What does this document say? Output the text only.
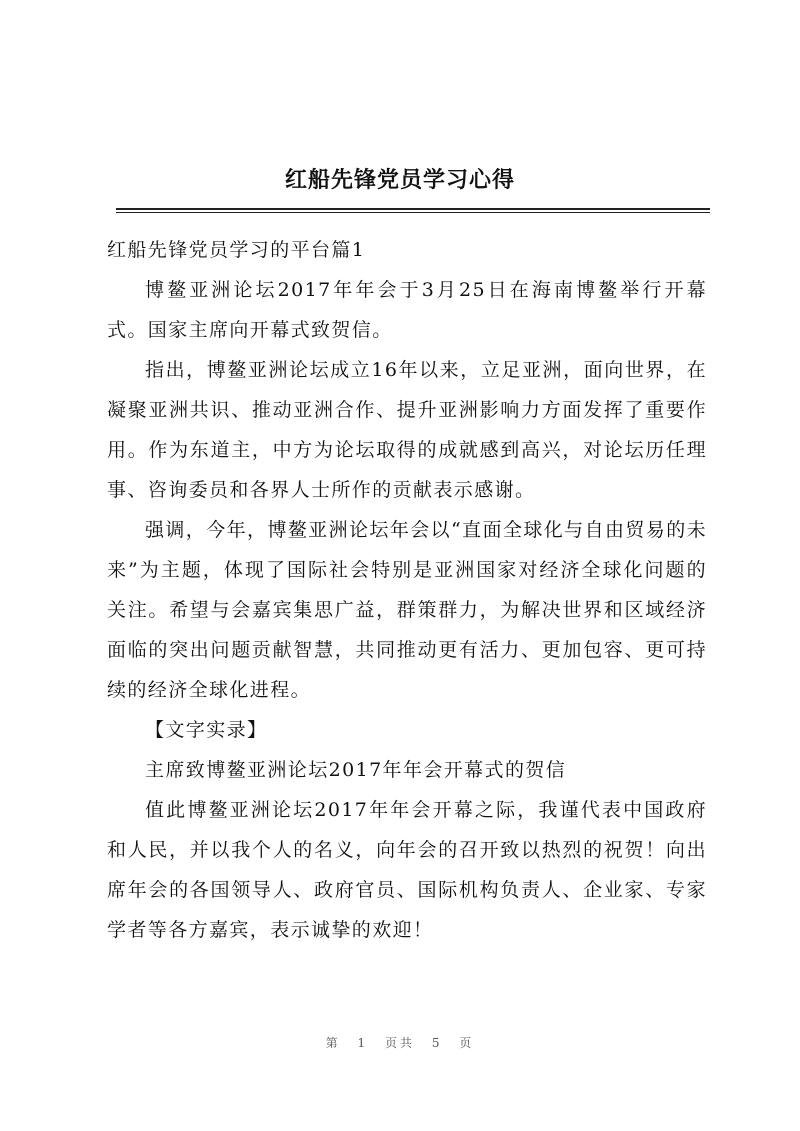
红船先锋党员学习心得

红船先锋党员学习的平台篇1

博鳌亚洲论坛2017年年会于3月25日在海南博鳌举行开幕式。国家主席向开幕式致贺信。

指出，博鳌亚洲论坛成立16年以来，立足亚洲，面向世界，在凝聚亚洲共识、推动亚洲合作、提升亚洲影响力方面发挥了重要作用。作为东道主，中方为论坛取得的成就感到高兴，对论坛历任理事、咨询委员和各界人士所作的贡献表示感谢。

强调，今年，博鳌亚洲论坛年会以“直面全球化与自由贸易的未来”为主题，体现了国际社会特别是亚洲国家对经济全球化问题的关注。希望与会嘉宾集思广益，群策群力，为解决世界和区域经济面临的突出问题贡献智慧，共同推动更有活力、更加包容、更可持续的经济全球化进程。

【文字实录】

主席致博鳌亚洲论坛2017年年会开幕式的贺信

值此博鳌亚洲论坛2017年年会开幕之际，我谨代表中国政府和人民，并以我个人的名义，向年会的召开致以热烈的祝贺！向出席年会的各国领导人、政府官员、国际机构负责人、企业家、专家学者等各方嘉宾，表示诚挚的欢迎！

第 1 页共 5 页
